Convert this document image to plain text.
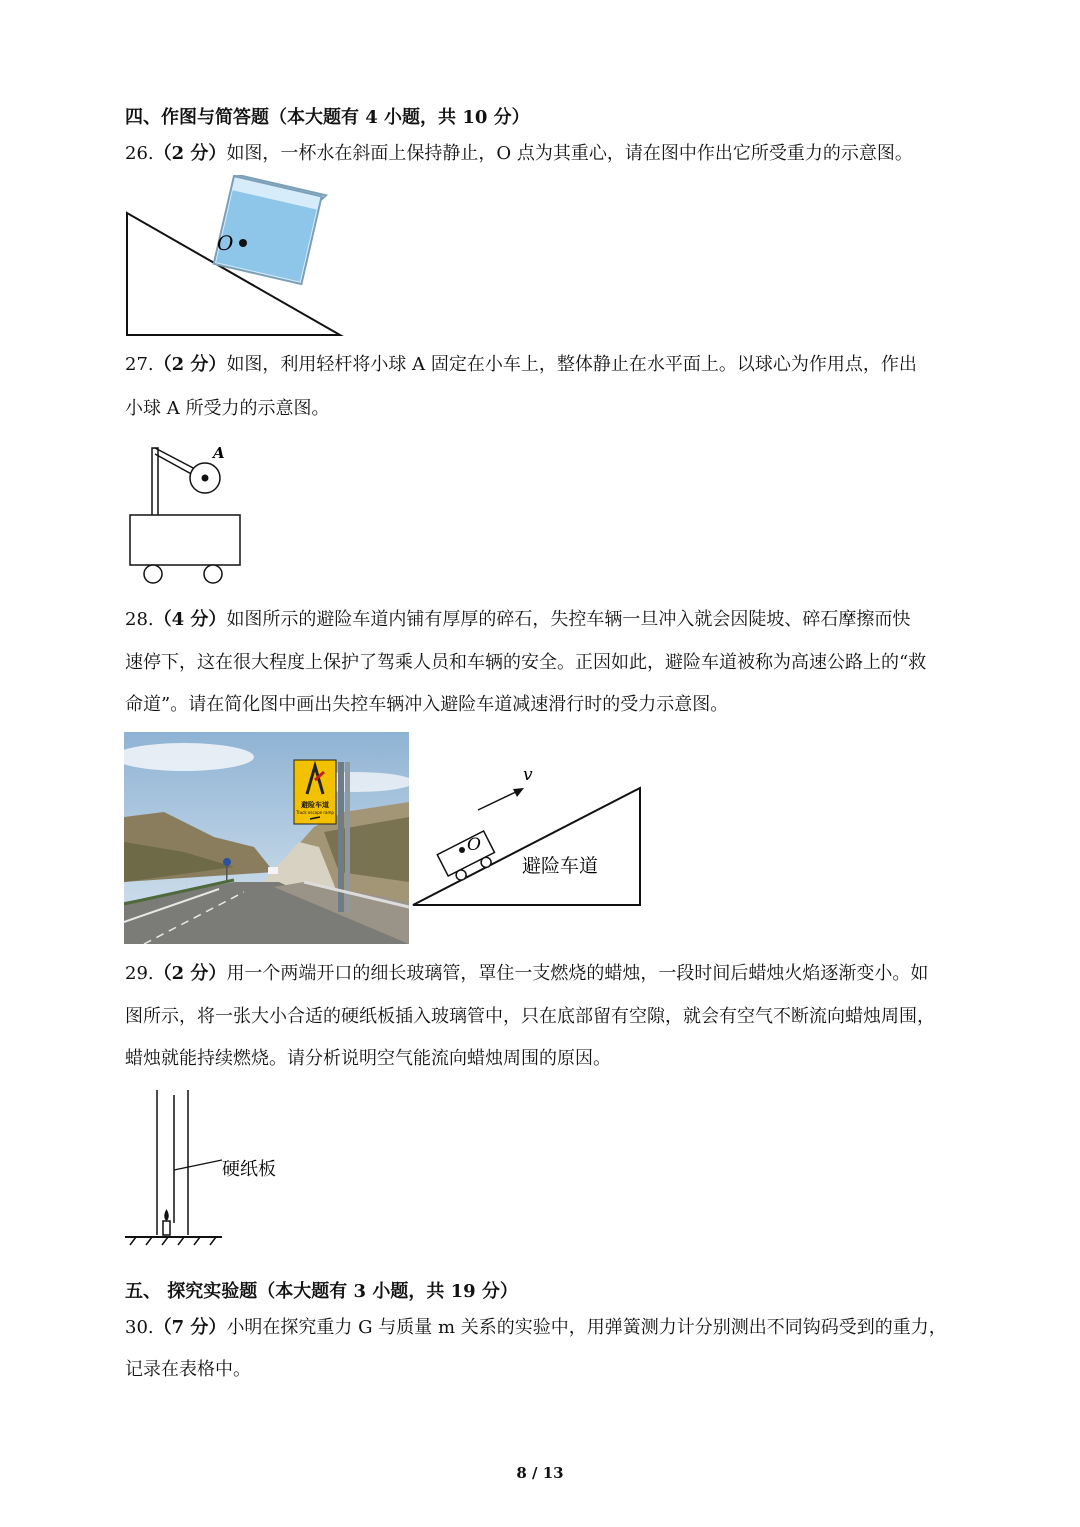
四、作图与简答题（本大题有 4 小题，共 10 分）
26.（2 分）如图，一杯水在斜面上保持静止，O 点为其重心，请在图中作出它所受重力的示意图。
O
27.（2 分）如图，利用轻杆将小球 A 固定在小车上，整体静止在水平面上。以球心为作用点，作出
小球 A 所受力的示意图。
A
28.（4 分）如图所示的避险车道内铺有厚厚的碎石，失控车辆一旦冲入就会因陡坡、碎石摩擦而快
速停下，这在很大程度上保护了驾乘人员和车辆的安全。正因如此，避险车道被称为高速公路上的“救
命道”。请在简化图中画出失控车辆冲入避险车道减速滑行时的受力示意图。
避险车道
Truck escape ramp
v
O
避险车道
29.（2 分）用一个两端开口的细长玻璃管，罩住一支燃烧的蜡烛，一段时间后蜡烛火焰逐渐变小。如
图所示，将一张大小合适的硬纸板插入玻璃管中，只在底部留有空隙，就会有空气不断流向蜡烛周围，
蜡烛就能持续燃烧。请分析说明空气能流向蜡烛周围的原因。
硬纸板
五、 探究实验题（本大题有 3 小题，共 19 分）
30.（7 分）小明在探究重力 G 与质量 m 关系的实验中，用弹簧测力计分别测出不同钩码受到的重力，
记录在表格中。
8 / 13
